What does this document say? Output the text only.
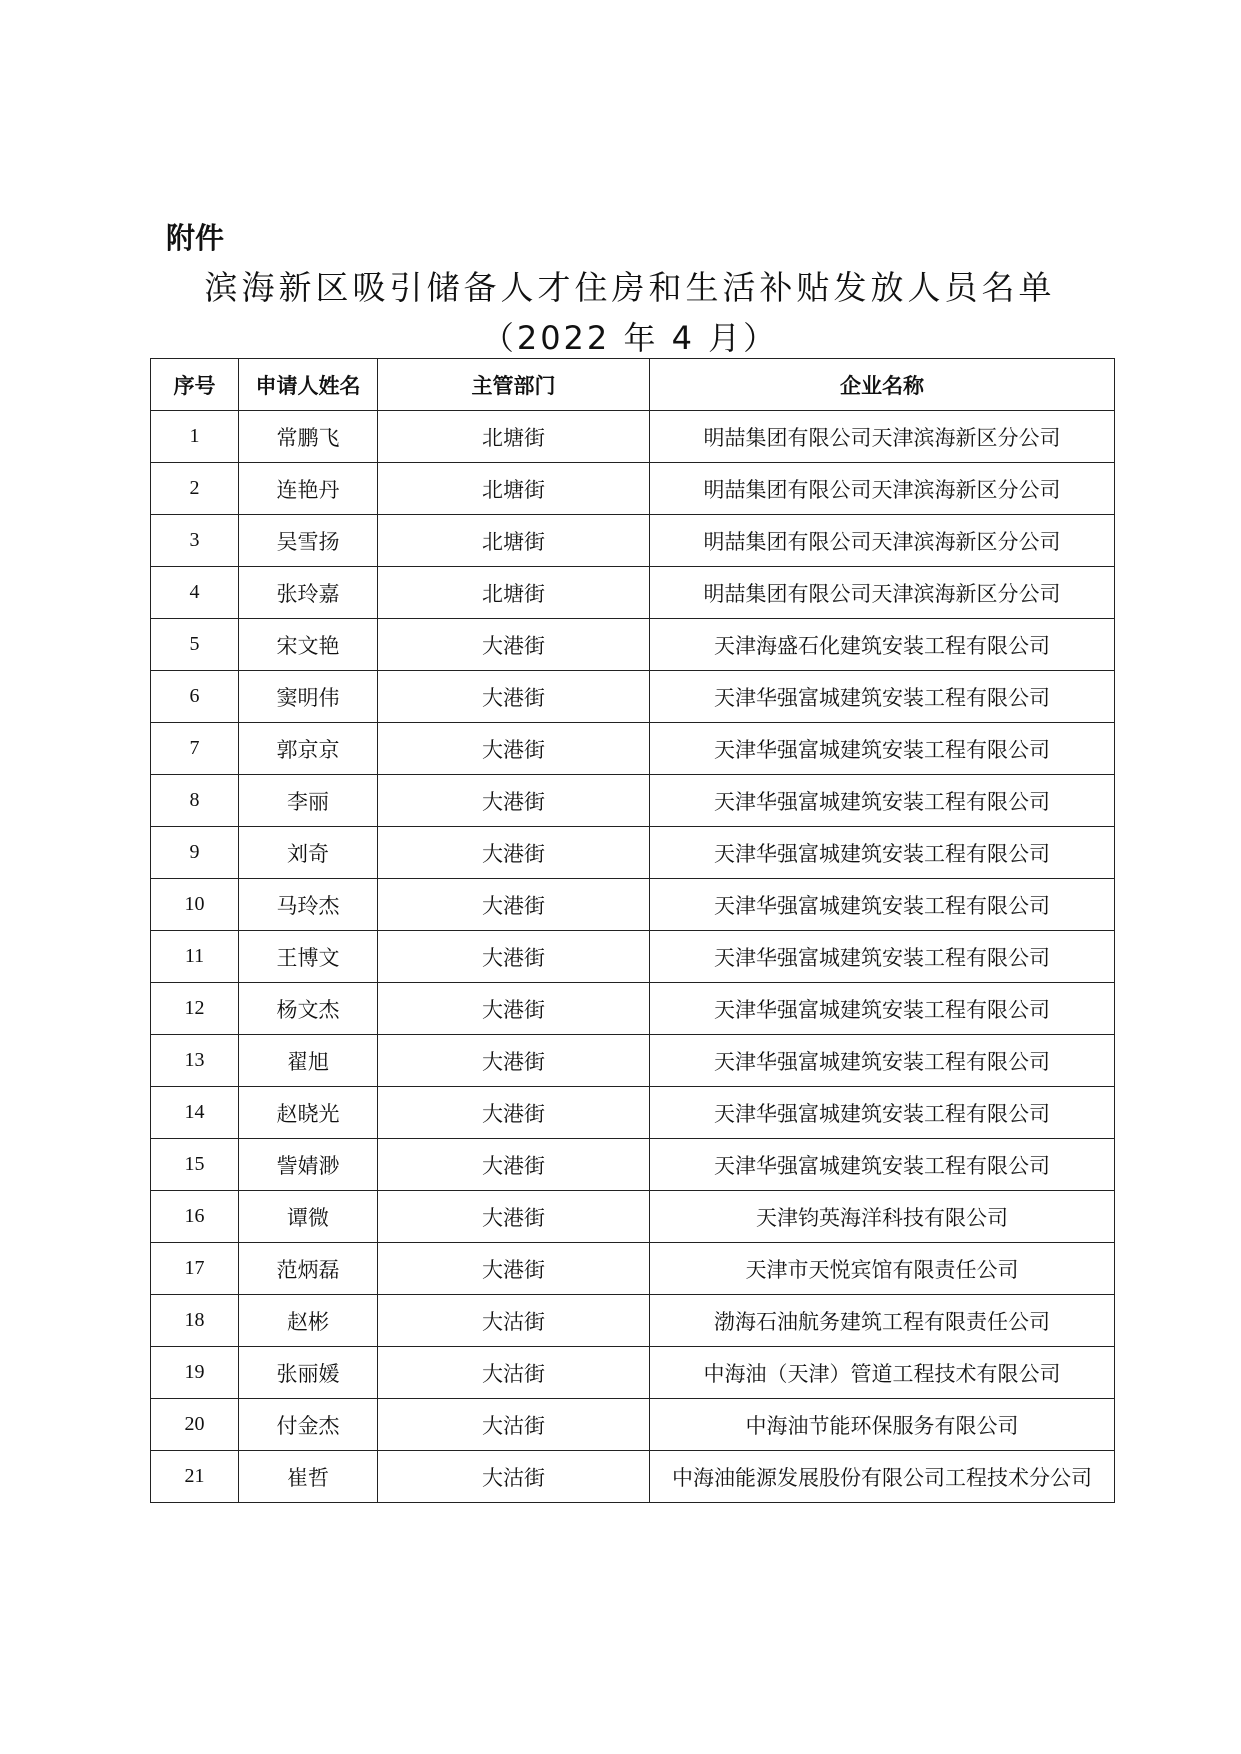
附件
滨海新区吸引储备人才住房和生活补贴发放人员名单
（2022 年 4 月）
序号	申请人姓名	主管部门	企业名称
1	常鹏飞	北塘街	明喆集团有限公司天津滨海新区分公司
2	连艳丹	北塘街	明喆集团有限公司天津滨海新区分公司
3	吴雪扬	北塘街	明喆集团有限公司天津滨海新区分公司
4	张玲嘉	北塘街	明喆集团有限公司天津滨海新区分公司
5	宋文艳	大港街	天津海盛石化建筑安装工程有限公司
6	窦明伟	大港街	天津华强富城建筑安装工程有限公司
7	郭京京	大港街	天津华强富城建筑安装工程有限公司
8	李丽	大港街	天津华强富城建筑安装工程有限公司
9	刘奇	大港街	天津华强富城建筑安装工程有限公司
10	马玲杰	大港街	天津华强富城建筑安装工程有限公司
11	王博文	大港街	天津华强富城建筑安装工程有限公司
12	杨文杰	大港街	天津华强富城建筑安装工程有限公司
13	翟旭	大港街	天津华强富城建筑安装工程有限公司
14	赵晓光	大港街	天津华强富城建筑安装工程有限公司
15	訾婧渺	大港街	天津华强富城建筑安装工程有限公司
16	谭微	大港街	天津钧英海洋科技有限公司
17	范炳磊	大港街	天津市天悦宾馆有限责任公司
18	赵彬	大沽街	渤海石油航务建筑工程有限责任公司
19	张丽媛	大沽街	中海油（天津）管道工程技术有限公司
20	付金杰	大沽街	中海油节能环保服务有限公司
21	崔哲	大沽街	中海油能源发展股份有限公司工程技术分公司
